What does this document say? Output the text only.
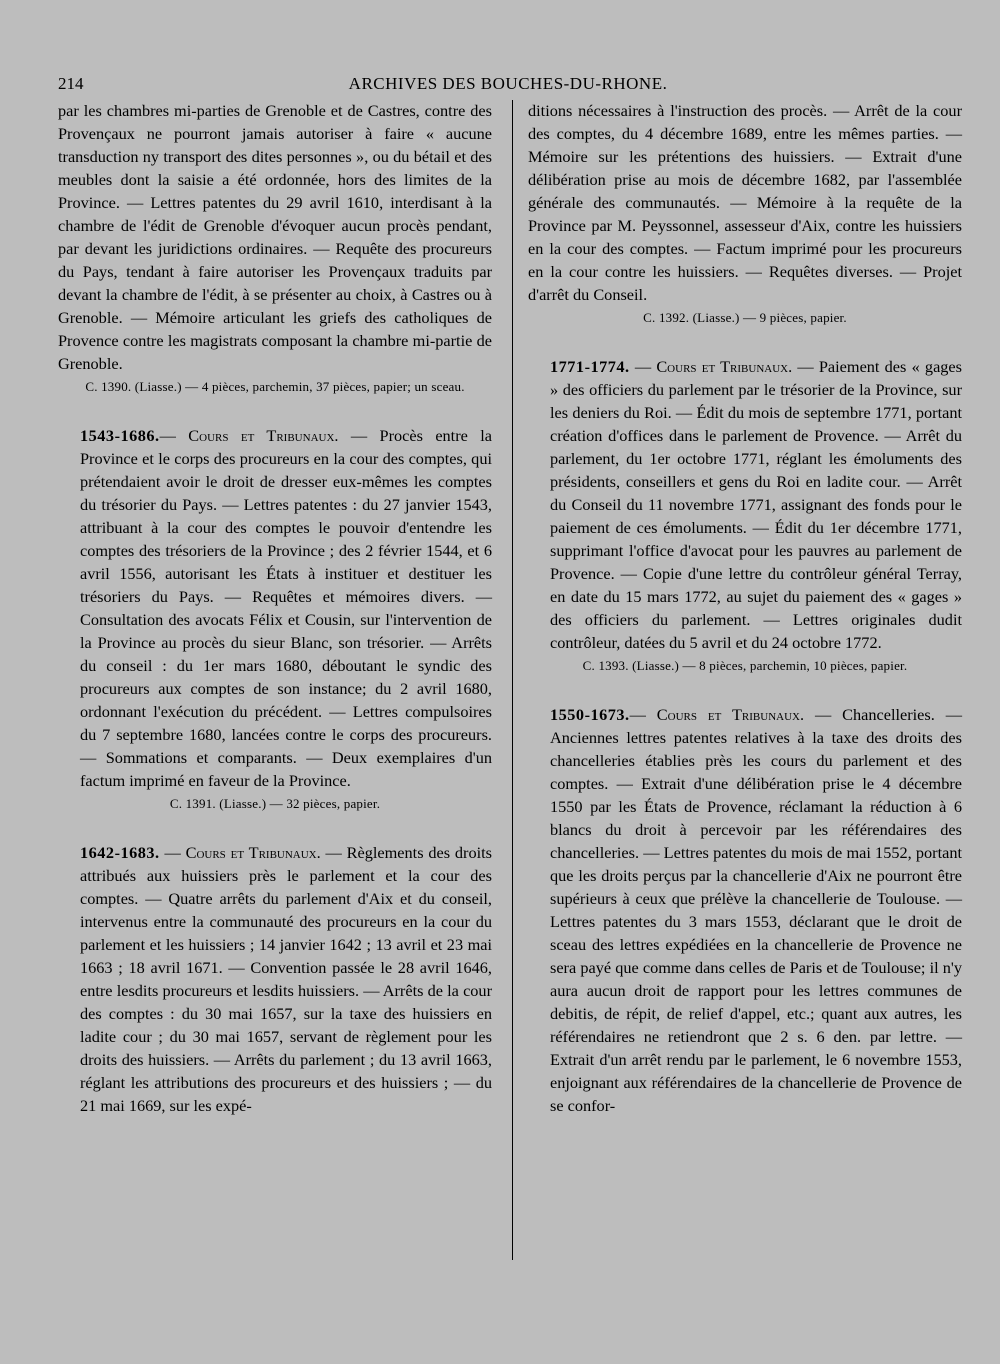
214	ARCHIVES DES BOUCHES-DU-RHONE.

par les chambres mi-parties de Grenoble et de Castres, contre des Provençaux ne pourront jamais autoriser à faire « aucune transduction ny transport des dites personnes », ou du bétail et des meubles dont la saisie a été ordonnée, hors des limites de la Province. — Lettres patentes du 29 avril 1610, interdisant à la chambre de l'édit de Grenoble d'évoquer aucun procès pendant, par devant les juridictions ordinaires. — Requête des procureurs du Pays, tendant à faire autoriser les Provençaux traduits par devant la chambre de l'édit, à se présenter au choix, à Castres ou à Grenoble. — Mémoire articulant les griefs des catholiques de Provence contre les magistrats composant la chambre mi-partie de Grenoble.

C. 1390. (Liasse.) — 4 pièces, parchemin, 37 pièces, papier; un sceau.

1543-1686.— Cours et Tribunaux. — Procès entre la Province et le corps des procureurs en la cour des comptes, qui prétendaient avoir le droit de dresser eux-mêmes les comptes du trésorier du Pays. — Lettres patentes : du 27 janvier 1543, attribuant à la cour des comptes le pouvoir d'entendre les comptes des trésoriers de la Province ; des 2 février 1544, et 6 avril 1556, autorisant les États à instituer et destituer les trésoriers du Pays. — Requêtes et mémoires divers. — Consultation des avocats Félix et Cousin, sur l'intervention de la Province au procès du sieur Blanc, son trésorier. — Arrêts du conseil : du 1er mars 1680, déboutant le syndic des procureurs aux comptes de son instance; du 2 avril 1680, ordonnant l'exécution du précédent. — Lettres compulsoires du 7 septembre 1680, lancées contre le corps des procureurs. — Sommations et comparants. — Deux exemplaires d'un factum imprimé en faveur de la Province.

C. 1391. (Liasse.) — 32 pièces, papier.

1642-1683. — Cours et Tribunaux. — Règlements des droits attribués aux huissiers près le parlement et la cour des comptes. — Quatre arrêts du parlement d'Aix et du conseil, intervenus entre la communauté des procureurs en la cour du parlement et les huissiers ; 14 janvier 1642 ; 13 avril et 23 mai 1663 ; 18 avril 1671. — Convention passée le 28 avril 1646, entre lesdits procureurs et lesdits huissiers. — Arrêts de la cour des comptes : du 30 mai 1657, sur la taxe des huissiers en ladite cour ; du 30 mai 1657, servant de règlement pour les droits des huissiers. — Arrêts du parlement ; du 13 avril 1663, réglant les attributions des procureurs et des huissiers ; — du 21 mai 1669, sur les expé-

ditions nécessaires à l'instruction des procès. — Arrêt de la cour des comptes, du 4 décembre 1689, entre les mêmes parties. — Mémoire sur les prétentions des huissiers. — Extrait d'une délibération prise au mois de décembre 1682, par l'assemblée générale des communautés. — Mémoire à la requête de la Province par M. Peyssonnel, assesseur d'Aix, contre les huissiers en la cour des comptes. — Factum imprimé pour les procureurs en la cour contre les huissiers. — Requêtes diverses. — Projet d'arrêt du Conseil.

C. 1392. (Liasse.) — 9 pièces, papier.

1771-1774. — Cours et Tribunaux. — Paiement des « gages » des officiers du parlement par le trésorier de la Province, sur les deniers du Roi. — Édit du mois de septembre 1771, portant création d'offices dans le parlement de Provence. — Arrêt du parlement, du 1er octobre 1771, réglant les émoluments des présidents, conseillers et gens du Roi en ladite cour. — Arrêt du Conseil du 11 novembre 1771, assignant des fonds pour le paiement de ces émoluments. — Édit du 1er décembre 1771, supprimant l'office d'avocat pour les pauvres au parlement de Provence. — Copie d'une lettre du contrôleur général Terray, en date du 15 mars 1772, au sujet du paiement des « gages » des officiers du parlement. — Lettres originales dudit contrôleur, datées du 5 avril et du 24 octobre 1772.

C. 1393. (Liasse.) — 8 pièces, parchemin, 10 pièces, papier.

1550-1673.— Cours et Tribunaux. — Chancelleries. — Anciennes lettres patentes relatives à la taxe des droits des chancelleries établies près les cours du parlement et des comptes. — Extrait d'une délibération prise le 4 décembre 1550 par les États de Provence, réclamant la réduction à 6 blancs du droit à percevoir par les référendaires des chancelleries. — Lettres patentes du mois de mai 1552, portant que les droits perçus par la chancellerie d'Aix ne pourront être supérieurs à ceux que prélève la chancellerie de Toulouse. — Lettres patentes du 3 mars 1553, déclarant que le droit de sceau des lettres expédiées en la chancellerie de Provence ne sera payé que comme dans celles de Paris et de Toulouse; il n'y aura aucun droit de rapport pour les lettres communes de debitis, de répit, de relief d'appel, etc.; quant aux autres, les référendaires ne retiendront que 2 s. 6 den. par lettre. — Extrait d'un arrêt rendu par le parlement, le 6 novembre 1553, enjoignant aux référendaires de la chancellerie de Provence de se confor-
